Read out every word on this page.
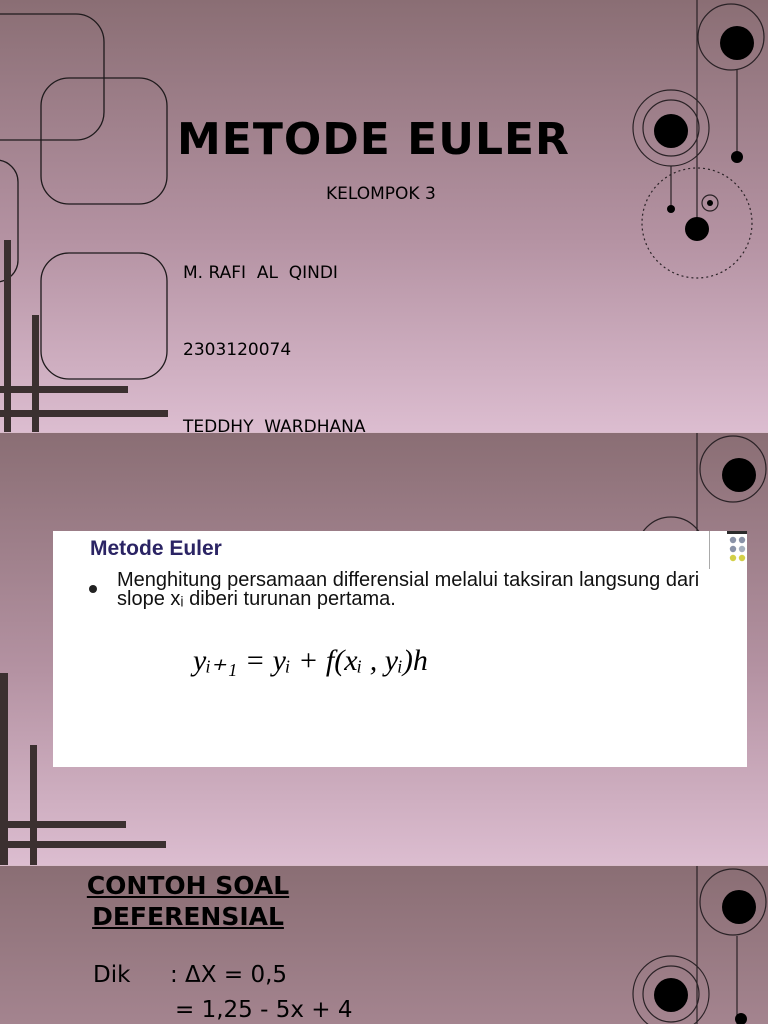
METODE EULER
KELOMPOK 3

M. RAFI  AL  QINDI

2303120074

TEDDHY  WARDHANA

Metode Euler
Menghitung persamaan differensial melalui taksiran langsung dari slope xᵢ diberi turunan pertama.
yᵢ₊₁ = yᵢ + f(xᵢ , yᵢ)h
CONTOH SOAL DEFERENSIAL
Dik : ΔX = 0,5
= 1,25 - 5x + 4
